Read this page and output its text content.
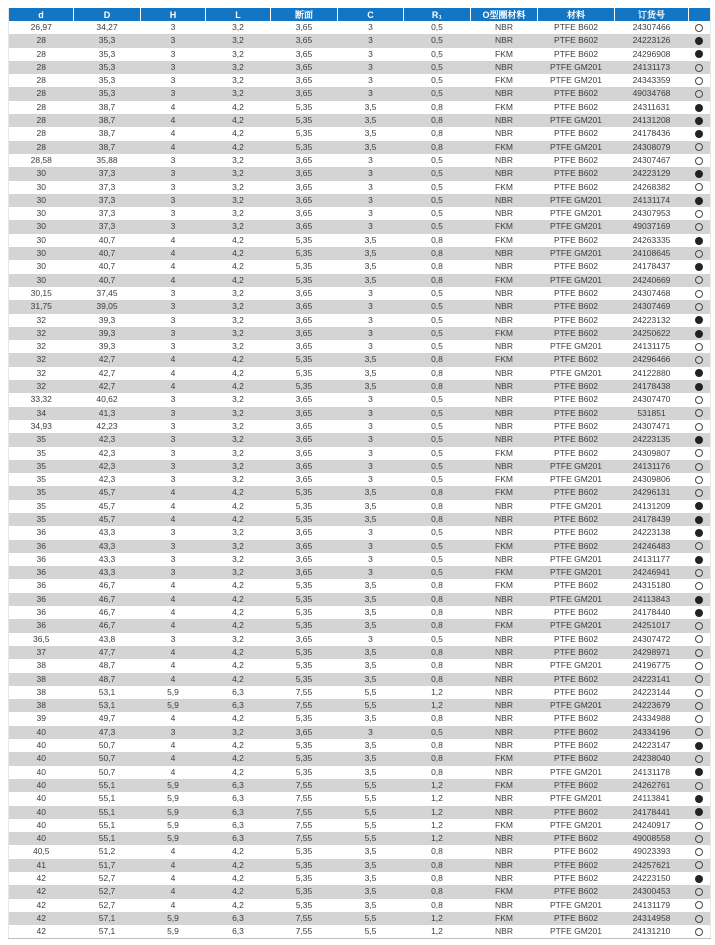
d	D	H	L	断面	C	R₁	O型圈材料	材料	订货号	
26,97	34,27	3	3,2	3,65	3	0,5	NBR	PTFE B602	24307466	
28	35,3	3	3,2	3,65	3	0,5	NBR	PTFE B602	24223126	
28	35,3	3	3,2	3,65	3	0,5	FKM	PTFE B602	24296908	
28	35,3	3	3,2	3,65	3	0,5	NBR	PTFE GM201	24131173	
28	35,3	3	3,2	3,65	3	0,5	FKM	PTFE GM201	24343359	
28	35,3	3	3,2	3,65	3	0,5	NBR	PTFE B602	49034768	
28	38,7	4	4,2	5,35	3,5	0,8	FKM	PTFE B602	24311631	
28	38,7	4	4,2	5,35	3,5	0,8	NBR	PTFE GM201	24131208	
28	38,7	4	4,2	5,35	3,5	0,8	NBR	PTFE B602	24178436	
28	38,7	4	4,2	5,35	3,5	0,8	FKM	PTFE GM201	24308079	
28,58	35,88	3	3,2	3,65	3	0,5	NBR	PTFE B602	24307467	
30	37,3	3	3,2	3,65	3	0,5	NBR	PTFE B602	24223129	
30	37,3	3	3,2	3,65	3	0,5	FKM	PTFE B602	24268382	
30	37,3	3	3,2	3,65	3	0,5	NBR	PTFE GM201	24131174	
30	37,3	3	3,2	3,65	3	0,5	NBR	PTFE GM201	24307953	
30	37,3	3	3,2	3,65	3	0,5	FKM	PTFE GM201	49037169	
30	40,7	4	4,2	5,35	3,5	0,8	FKM	PTFE B602	24263335	
30	40,7	4	4,2	5,35	3,5	0,8	NBR	PTFE GM201	24108645	
30	40,7	4	4,2	5,35	3,5	0,8	NBR	PTFE B602	24178437	
30	40,7	4	4,2	5,35	3,5	0,8	FKM	PTFE GM201	24240669	
30,15	37,45	3	3,2	3,65	3	0,5	NBR	PTFE B602	24307468	
31,75	39,05	3	3,2	3,65	3	0,5	NBR	PTFE B602	24307469	
32	39,3	3	3,2	3,65	3	0,5	NBR	PTFE B602	24223132	
32	39,3	3	3,2	3,65	3	0,5	FKM	PTFE B602	24250622	
32	39,3	3	3,2	3,65	3	0,5	NBR	PTFE GM201	24131175	
32	42,7	4	4,2	5,35	3,5	0,8	FKM	PTFE B602	24296466	
32	42,7	4	4,2	5,35	3,5	0,8	NBR	PTFE GM201	24122880	
32	42,7	4	4,2	5,35	3,5	0,8	NBR	PTFE B602	24178438	
33,32	40,62	3	3,2	3,65	3	0,5	NBR	PTFE B602	24307470	
34	41,3	3	3,2	3,65	3	0,5	NBR	PTFE B602	531851	
34,93	42,23	3	3,2	3,65	3	0,5	NBR	PTFE B602	24307471	
35	42,3	3	3,2	3,65	3	0,5	NBR	PTFE B602	24223135	
35	42,3	3	3,2	3,65	3	0,5	FKM	PTFE B602	24309807	
35	42,3	3	3,2	3,65	3	0,5	NBR	PTFE GM201	24131176	
35	42,3	3	3,2	3,65	3	0,5	FKM	PTFE GM201	24309806	
35	45,7	4	4,2	5,35	3,5	0,8	FKM	PTFE B602	24296131	
35	45,7	4	4,2	5,35	3,5	0,8	NBR	PTFE GM201	24131209	
35	45,7	4	4,2	5,35	3,5	0,8	NBR	PTFE B602	24178439	
36	43,3	3	3,2	3,65	3	0,5	NBR	PTFE B602	24223138	
36	43,3	3	3,2	3,65	3	0,5	FKM	PTFE B602	24246483	
36	43,3	3	3,2	3,65	3	0,5	NBR	PTFE GM201	24131177	
36	43,3	3	3,2	3,65	3	0,5	FKM	PTFE GM201	24246941	
36	46,7	4	4,2	5,35	3,5	0,8	FKM	PTFE B602	24315180	
36	46,7	4	4,2	5,35	3,5	0,8	NBR	PTFE GM201	24113843	
36	46,7	4	4,2	5,35	3,5	0,8	NBR	PTFE B602	24178440	
36	46,7	4	4,2	5,35	3,5	0,8	FKM	PTFE GM201	24251017	
36,5	43,8	3	3,2	3,65	3	0,5	NBR	PTFE B602	24307472	
37	47,7	4	4,2	5,35	3,5	0,8	NBR	PTFE B602	24298971	
38	48,7	4	4,2	5,35	3,5	0,8	NBR	PTFE GM201	24196775	
38	48,7	4	4,2	5,35	3,5	0,8	NBR	PTFE B602	24223141	
38	53,1	5,9	6,3	7,55	5,5	1,2	NBR	PTFE B602	24223144	
38	53,1	5,9	6,3	7,55	5,5	1,2	NBR	PTFE GM201	24223679	
39	49,7	4	4,2	5,35	3,5	0,8	NBR	PTFE B602	24334988	
40	47,3	3	3,2	3,65	3	0,5	NBR	PTFE B602	24334196	
40	50,7	4	4,2	5,35	3,5	0,8	NBR	PTFE B602	24223147	
40	50,7	4	4,2	5,35	3,5	0,8	FKM	PTFE B602	24238040	
40	50,7	4	4,2	5,35	3,5	0,8	NBR	PTFE GM201	24131178	
40	55,1	5,9	6,3	7,55	5,5	1,2	FKM	PTFE B602	24262761	
40	55,1	5,9	6,3	7,55	5,5	1,2	NBR	PTFE GM201	24113841	
40	55,1	5,9	6,3	7,55	5,5	1,2	NBR	PTFE B602	24178441	
40	55,1	5,9	6,3	7,55	5,5	1,2	FKM	PTFE GM201	24240917	
40	55,1	5,9	6,3	7,55	5,5	1,2	NBR	PTFE B602	49008558	
40,5	51,2	4	4,2	5,35	3,5	0,8	NBR	PTFE B602	49023393	
41	51,7	4	4,2	5,35	3,5	0,8	NBR	PTFE B602	24257621	
42	52,7	4	4,2	5,35	3,5	0,8	NBR	PTFE B602	24223150	
42	52,7	4	4,2	5,35	3,5	0,8	FKM	PTFE B602	24300453	
42	52,7	4	4,2	5,35	3,5	0,8	NBR	PTFE GM201	24131179	
42	57,1	5,9	6,3	7,55	5,5	1,2	FKM	PTFE B602	24314958	
42	57,1	5,9	6,3	7,55	5,5	1,2	NBR	PTFE GM201	24131210	
